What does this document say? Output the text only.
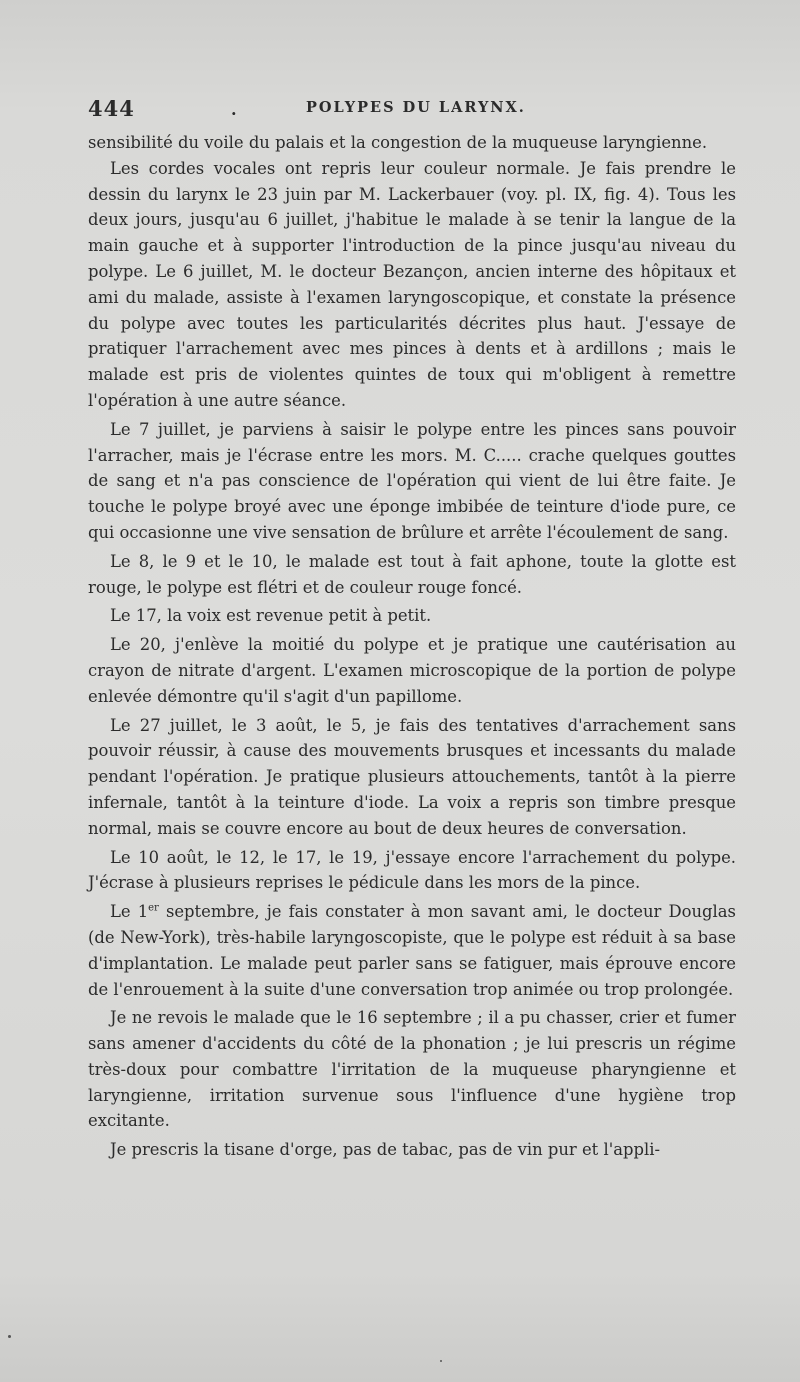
444	.	POLYPES DU LARYNX.

sensibilité du voile du palais et la congestion de la muqueuse laryngienne.

Les cordes vocales ont repris leur couleur normale. Je fais prendre le dessin du larynx le 23 juin par M. Lackerbauer (voy. pl. IX, fig. 4). Tous les deux jours, jusqu'au 6 juillet, j'habitue le malade à se tenir la langue de la main gauche et à supporter l'introduction de la pince jusqu'au niveau du polype. Le 6 juillet, M. le docteur Bezançon, ancien interne des hôpitaux et ami du malade, assiste à l'examen laryngoscopique, et constate la présence du polype avec toutes les particularités décrites plus haut. J'essaye de pratiquer l'arrachement avec mes pinces à dents et à ardillons ; mais le malade est pris de violentes quintes de toux qui m'obligent à remettre l'opération à une autre séance.

Le 7 juillet, je parviens à saisir le polype entre les pinces sans pouvoir l'arracher, mais je l'écrase entre les mors. M. C..... crache quelques gouttes de sang et n'a pas conscience de l'opération qui vient de lui être faite. Je touche le polype broyé avec une éponge imbibée de teinture d'iode pure, ce qui occasionne une vive sensation de brûlure et arrête l'écoulement de sang.

Le 8, le 9 et le 10, le malade est tout à fait aphone, toute la glotte est rouge, le polype est flétri et de couleur rouge foncé.

Le 17, la voix est revenue petit à petit.

Le 20, j'enlève la moitié du polype et je pratique une cautérisation au crayon de nitrate d'argent. L'examen microscopique de la portion de polype enlevée démontre qu'il s'agit d'un papillome.

Le 27 juillet, le 3 août, le 5, je fais des tentatives d'arrachement sans pouvoir réussir, à cause des mouvements brusques et incessants du malade pendant l'opération. Je pratique plusieurs attouchements, tantôt à la pierre infernale, tantôt à la teinture d'iode. La voix a repris son timbre presque normal, mais se couvre encore au bout de deux heures de conversation.

Le 10 août, le 12, le 17, le 19, j'essaye encore l'arrachement du polype. J'écrase à plusieurs reprises le pédicule dans les mors de la pince.

Le 1er septembre, je fais constater à mon savant ami, le docteur Douglas (de New-York), très-habile laryngoscopiste, que le polype est réduit à sa base d'implantation. Le malade peut parler sans se fatiguer, mais éprouve encore de l'enrouement à la suite d'une conversation trop animée ou trop prolongée.

Je ne revois le malade que le 16 septembre ; il a pu chasser, crier et fumer sans amener d'accidents du côté de la phonation ; je lui prescris un régime très-doux pour combattre l'irritation de la muqueuse pharyngienne et laryngienne, irritation survenue sous l'influence d'une hygiène trop excitante.

Je prescris la tisane d'orge, pas de tabac, pas de vin pur et l'appli-
